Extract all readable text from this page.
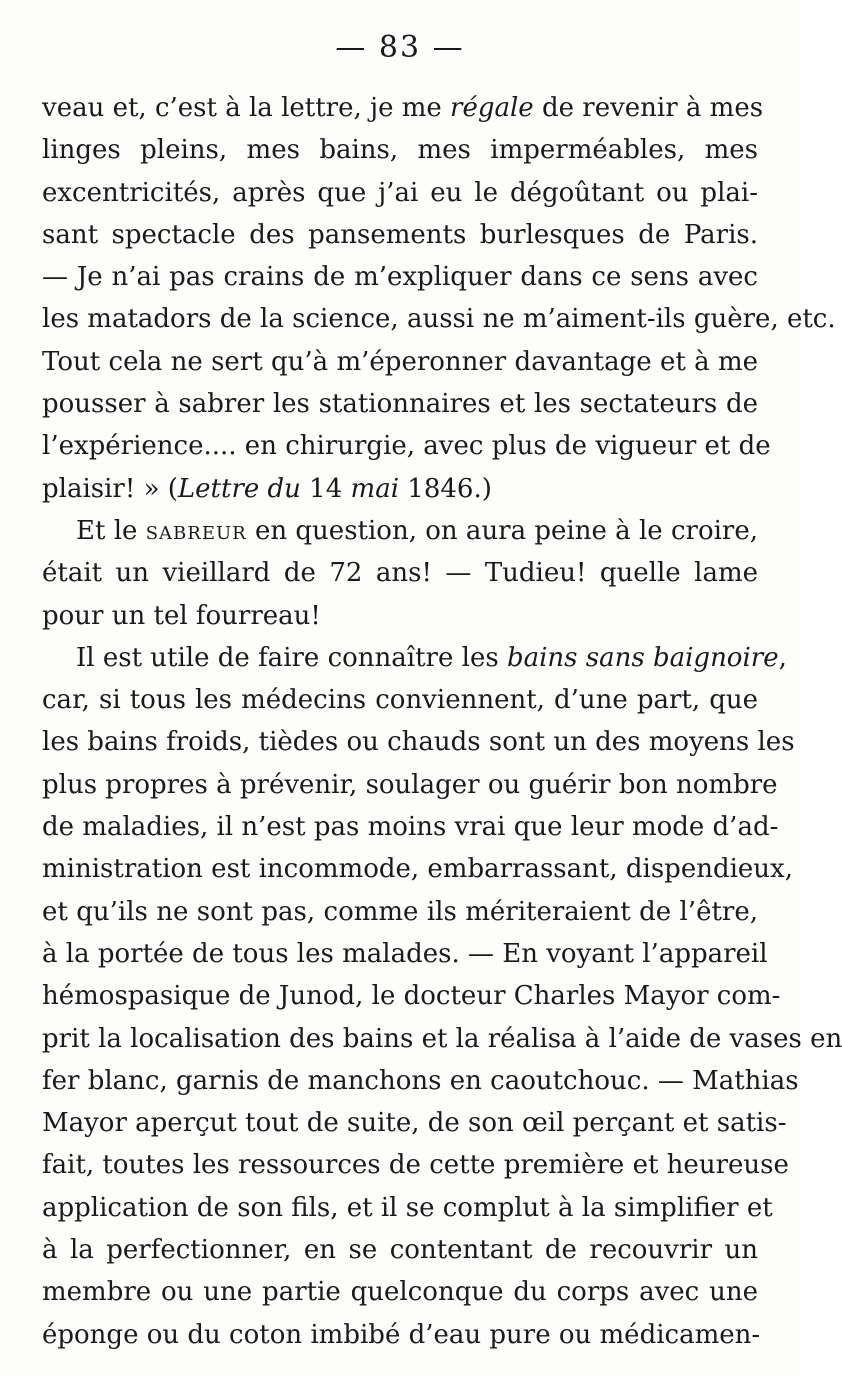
— 83 —
veau et, c’est à la lettre, je me régale de revenir à mes
linges pleins, mes bains, mes imperméables, mes
excentricités, après que j’ai eu le dégoûtant ou plai-
sant spectacle des pansements burlesques de Paris.
— Je n’ai pas crains de m’expliquer dans ce sens avec
les matadors de la science, aussi ne m’aiment-ils guère, etc.
Tout cela ne sert qu’à m’éperonner davantage et à me
pousser à sabrer les stationnaires et les sectateurs de
l’expérience.... en chirurgie, avec plus de vigueur et de
plaisir! » (Lettre du 14 mai 1846.)
Et le sabreur en question, on aura peine à le croire,
était un vieillard de 72 ans! — Tudieu! quelle lame
pour un tel fourreau!
Il est utile de faire connaître les bains sans baignoire,
car, si tous les médecins conviennent, d’une part, que
les bains froids, tièdes ou chauds sont un des moyens les
plus propres à prévenir, soulager ou guérir bon nombre
de maladies, il n’est pas moins vrai que leur mode d’ad-
ministration est incommode, embarrassant, dispendieux,
et qu’ils ne sont pas, comme ils mériteraient de l’être,
à la portée de tous les malades. — En voyant l’appareil
hémospasique de Junod, le docteur Charles Mayor com-
prit la localisation des bains et la réalisa à l’aide de vases en
fer blanc, garnis de manchons en caoutchouc. — Mathias
Mayor aperçut tout de suite, de son œil perçant et satis-
fait, toutes les ressources de cette première et heureuse
application de son fils, et il se complut à la simplifier et
à la perfectionner, en se contentant de recouvrir un
membre ou une partie quelconque du corps avec une
éponge ou du coton imbibé d’eau pure ou médicamen-
